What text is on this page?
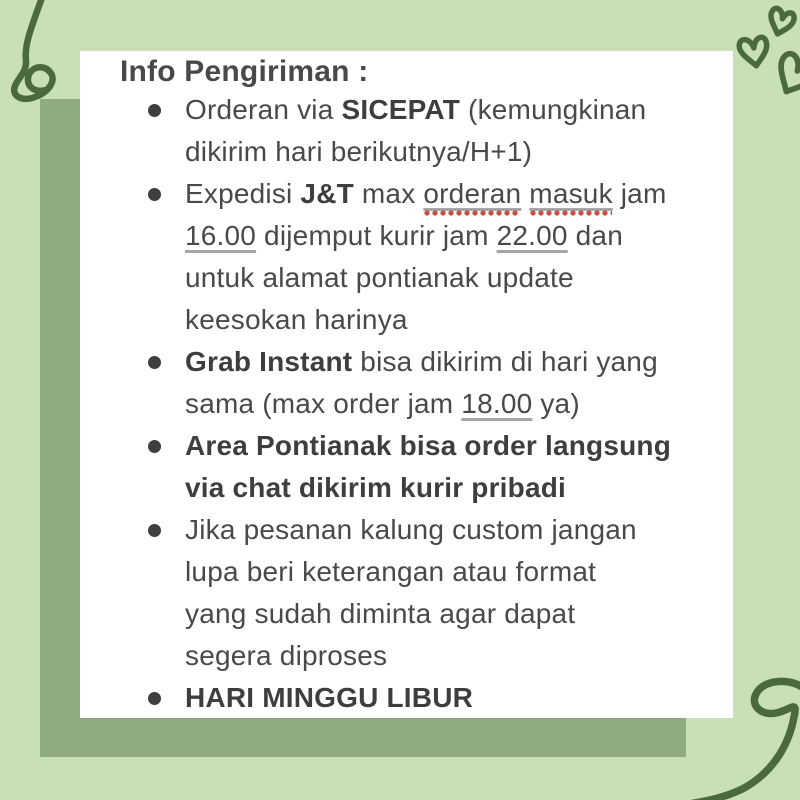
Info Pengiriman :
Orderan via SICEPAT (kemungkinan
dikirim hari berikutnya/H+1)
Expedisi J&T max orderan masuk jam
16.00 dijemput kurir jam 22.00 dan
untuk alamat pontianak update
keesokan harinya
Grab Instant bisa dikirim di hari yang
sama (max order jam 18.00 ya)
Area Pontianak bisa order langsung
via chat dikirim kurir pribadi
Jika pesanan kalung custom jangan
lupa beri keterangan atau format
yang sudah diminta agar dapat
segera diproses
HARI MINGGU LIBUR
